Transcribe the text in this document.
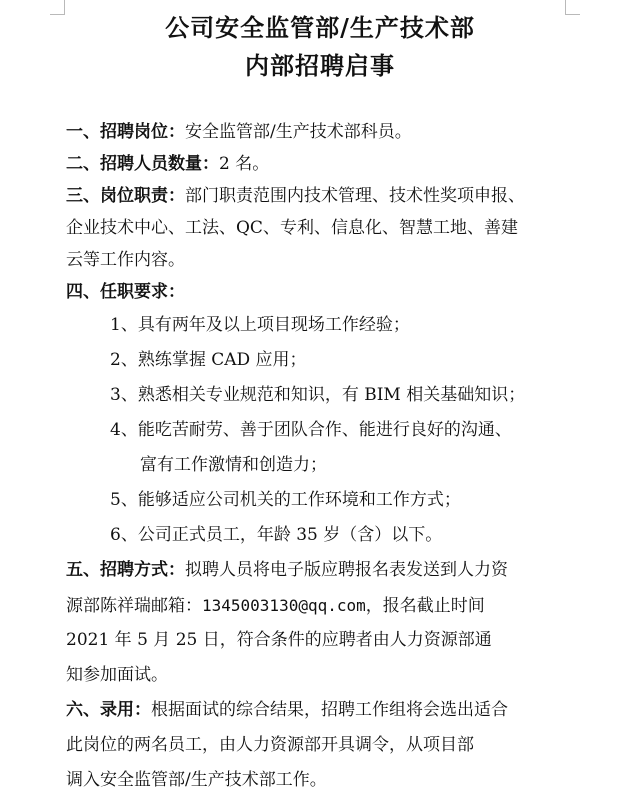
公司安全监管部/生产技术部
内部招聘启事
一、招聘岗位：安全监管部/生产技术部科员。
二、招聘人员数量：2 名。
三、岗位职责：部门职责范围内技术管理、技术性奖项申报、
企业技术中心、工法、QC、专利、信息化、智慧工地、善建
云等工作内容。
四、任职要求：
1、具有两年及以上项目现场工作经验；
2、熟练掌握 CAD 应用；
3、熟悉相关专业规范和知识，有 BIM 相关基础知识；
4、能吃苦耐劳、善于团队合作、能进行良好的沟通、
富有工作激情和创造力；
5、能够适应公司机关的工作环境和工作方式；
6、公司正式员工，年龄 35 岁（含）以下。
五、招聘方式：拟聘人员将电子版应聘报名表发送到人力资
源部陈祥瑞邮箱：1345003130@qq.com，报名截止时间
2021 年 5 月 25 日，符合条件的应聘者由人力资源部通
知参加面试。
六、录用：根据面试的综合结果，招聘工作组将会选出适合
此岗位的两名员工，由人力资源部开具调令，从项目部
调入安全监管部/生产技术部工作。
